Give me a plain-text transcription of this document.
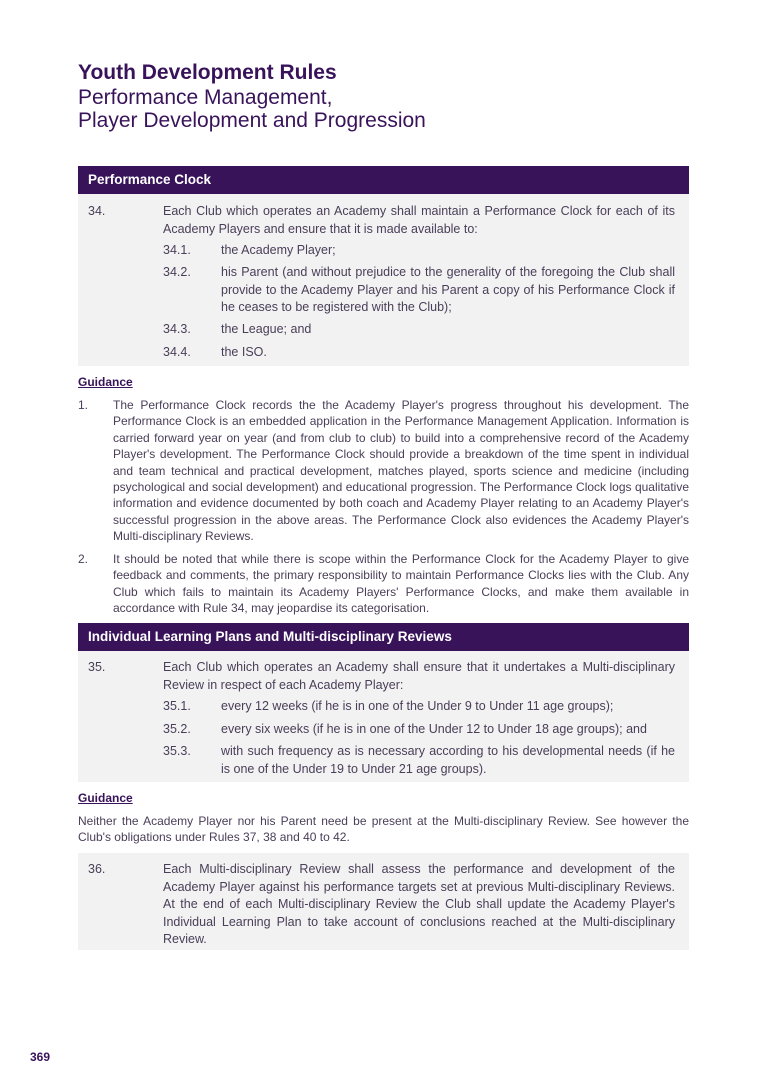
Youth Development Rules
Performance Management,
Player Development and Progression
Performance Clock
34.	Each Club which operates an Academy shall maintain a Performance Clock for each of its Academy Players and ensure that it is made available to:
34.1. the Academy Player;
34.2. his Parent (and without prejudice to the generality of the foregoing the Club shall provide to the Academy Player and his Parent a copy of his Performance Clock if he ceases to be registered with the Club);
34.3. the League; and
34.4. the ISO.
Guidance
1. The Performance Clock records the the Academy Player's progress throughout his development. The Performance Clock is an embedded application in the Performance Management Application. Information is carried forward year on year (and from club to club) to build into a comprehensive record of the Academy Player's development. The Performance Clock should provide a breakdown of the time spent in individual and team technical and practical development, matches played, sports science and medicine (including psychological and social development) and educational progression. The Performance Clock logs qualitative information and evidence documented by both coach and Academy Player relating to an Academy Player's successful progression in the above areas. The Performance Clock also evidences the Academy Player's Multi-disciplinary Reviews.
2. It should be noted that while there is scope within the Performance Clock for the Academy Player to give feedback and comments, the primary responsibility to maintain Performance Clocks lies with the Club. Any Club which fails to maintain its Academy Players' Performance Clocks, and make them available in accordance with Rule 34, may jeopardise its categorisation.
Individual Learning Plans and Multi-disciplinary Reviews
35.	Each Club which operates an Academy shall ensure that it undertakes a Multi-disciplinary Review in respect of each Academy Player:
35.1. every 12 weeks (if he is in one of the Under 9 to Under 11 age groups);
35.2. every six weeks (if he is in one of the Under 12 to Under 18 age groups); and
35.3. with such frequency as is necessary according to his developmental needs (if he is one of the Under 19 to Under 21 age groups).
Guidance
Neither the Academy Player nor his Parent need be present at the Multi-disciplinary Review. See however the Club's obligations under Rules 37, 38 and 40 to 42.
36.	Each Multi-disciplinary Review shall assess the performance and development of the Academy Player against his performance targets set at previous Multi-disciplinary Reviews. At the end of each Multi-disciplinary Review the Club shall update the Academy Player's Individual Learning Plan to take account of conclusions reached at the Multi-disciplinary Review.
369
